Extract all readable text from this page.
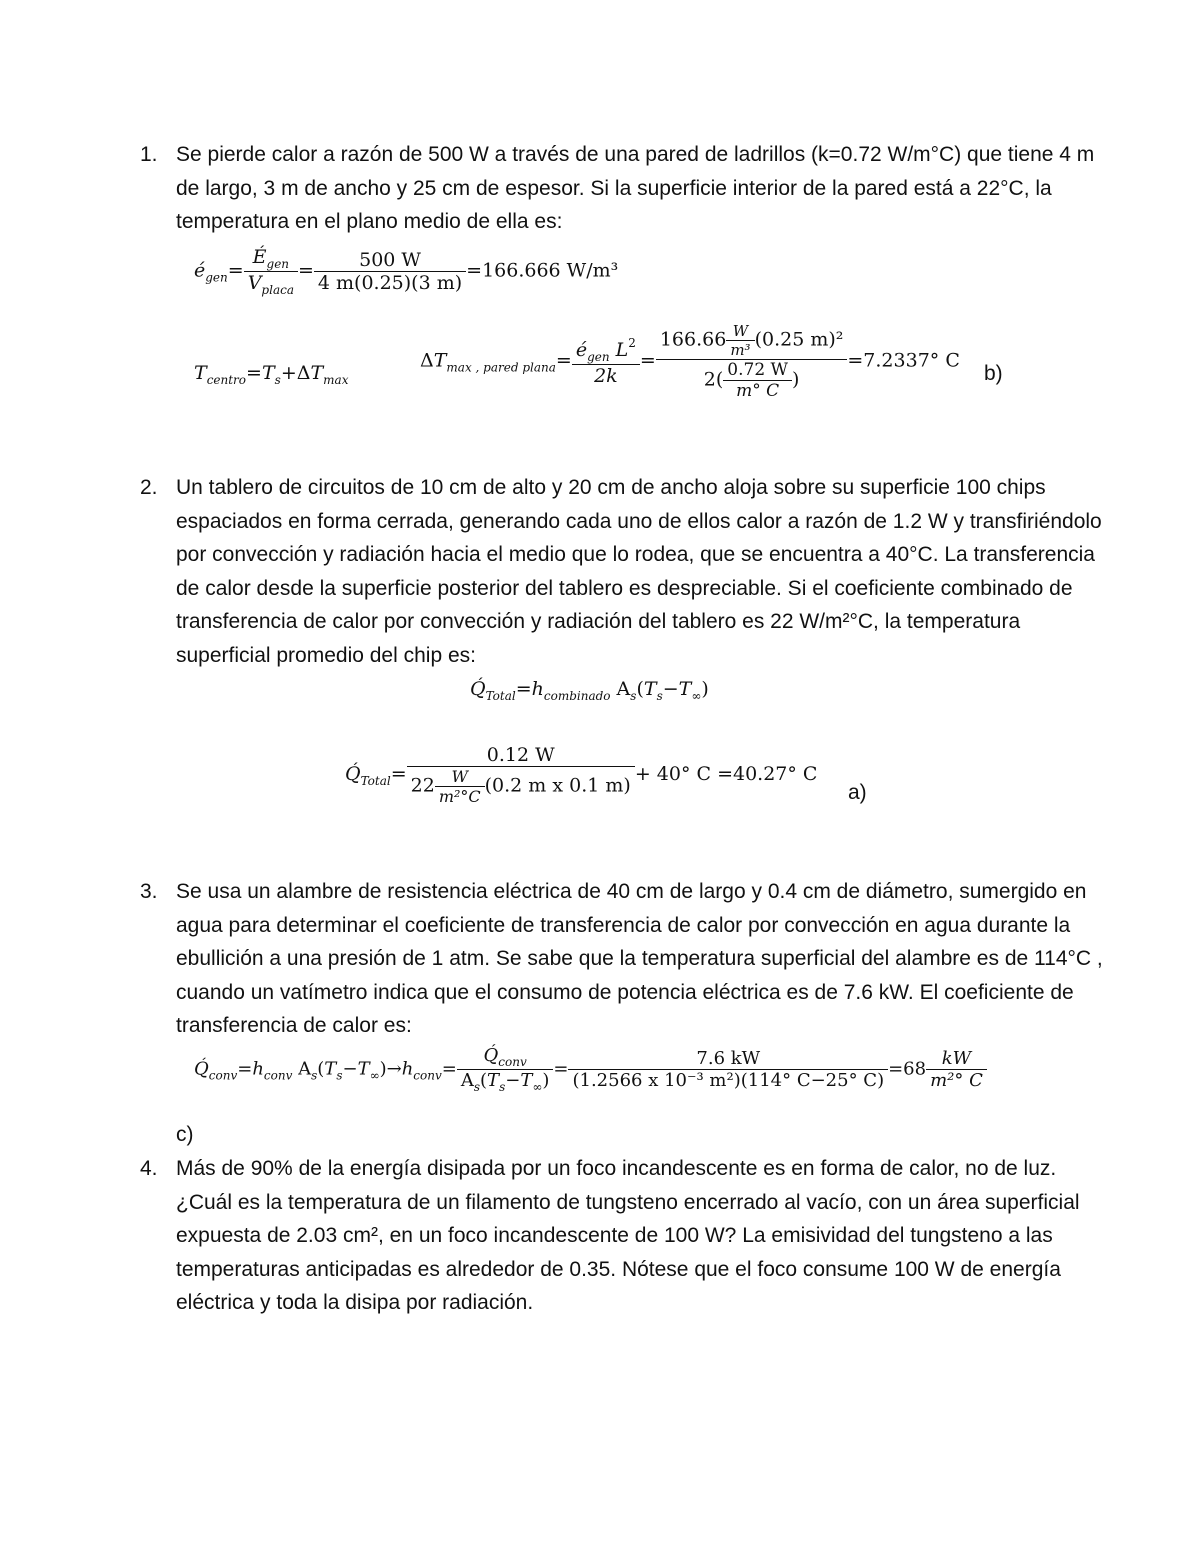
1. Se pierde calor a razón de 500 W a través de una pared de ladrillos (k=0.72 W/m°C) que tiene 4 m de largo, 3 m de ancho y 25 cm de espesor. Si la superficie interior de la pared está a 22°C, la temperatura en el plano medio de ella es:
$é_{gen}= \frac{É_{gen}}{V_{placa}} = \frac{500 W}{4 m(0.25)(3 m)} =166.666$ W/m³
$T_{centro}=T_s+\Delta T_{max}$
$\Delta T_{max , pared plana}= \frac{é_{gen} L^2}{2k} = \frac{166.66 \frac{W}{\text{m³}} (0.25 m)^2}{2( \frac{0.72 W}{m^\circ C} )} =7.2337^\circ$ C
b)
2. Un tablero de circuitos de 10 cm de alto y 20 cm de ancho aloja sobre su superficie 100 chips espaciados en forma cerrada, generando cada uno de ellos calor a razón de 1.2 W y transfiriéndolo por convección y radiación hacia el medio que lo rodea, que se encuentra a 40°C. La transferencia de calor desde la superficie posterior del tablero es despreciable. Si el coeficiente combinado de transferencia de calor por convección y radiación del tablero es 22 W/m²°C, la temperatura superficial promedio del chip es:
$Q́_{Total}=h_{combinado}$ $A_s(T_s-T_\infty)$
$Q́_{Total}= \frac{0.12 W}{22 \frac{W}{\text{m²°C}} (0.2 m x 0.1 m)} + 40^\circ$ C =40.27° C
a)
3. Se usa un alambre de resistencia eléctrica de 40 cm de largo y 0.4 cm de diámetro, sumergido en agua para determinar el coeficiente de transferencia de calor por convección en agua durante la ebullición a una presión de 1 atm. Se sabe que la temperatura superficial del alambre es de 114°C , cuando un vatímetro indica que el consumo de potencia eléctrica es de 7.6 kW. El coeficiente de transferencia de calor es:
$Q́_{conv}=h_{conv}$ $A_s(T_s-T_\infty)\to h_{conv}= \frac{Q́_{conv}}{A_s(T_s-T_\infty)} = \frac{7.6 kW}{\text{(1.2566 x 10⁻³ m²)(114° C−25° C)}} =68 \frac{kW}{\text{m²° C}}$
c)
4. Más de 90% de la energía disipada por un foco incandescente es en forma de calor, no de luz. ¿Cuál es la temperatura de un filamento de tungsteno encerrado al vacío, con un área superficial expuesta de 2.03 cm², en un foco incandescente de 100 W? La emisividad del tungsteno a las temperaturas anticipadas es alrededor de 0.35. Nótese que el foco consume 100 W de energía eléctrica y toda la disipa por radiación.
